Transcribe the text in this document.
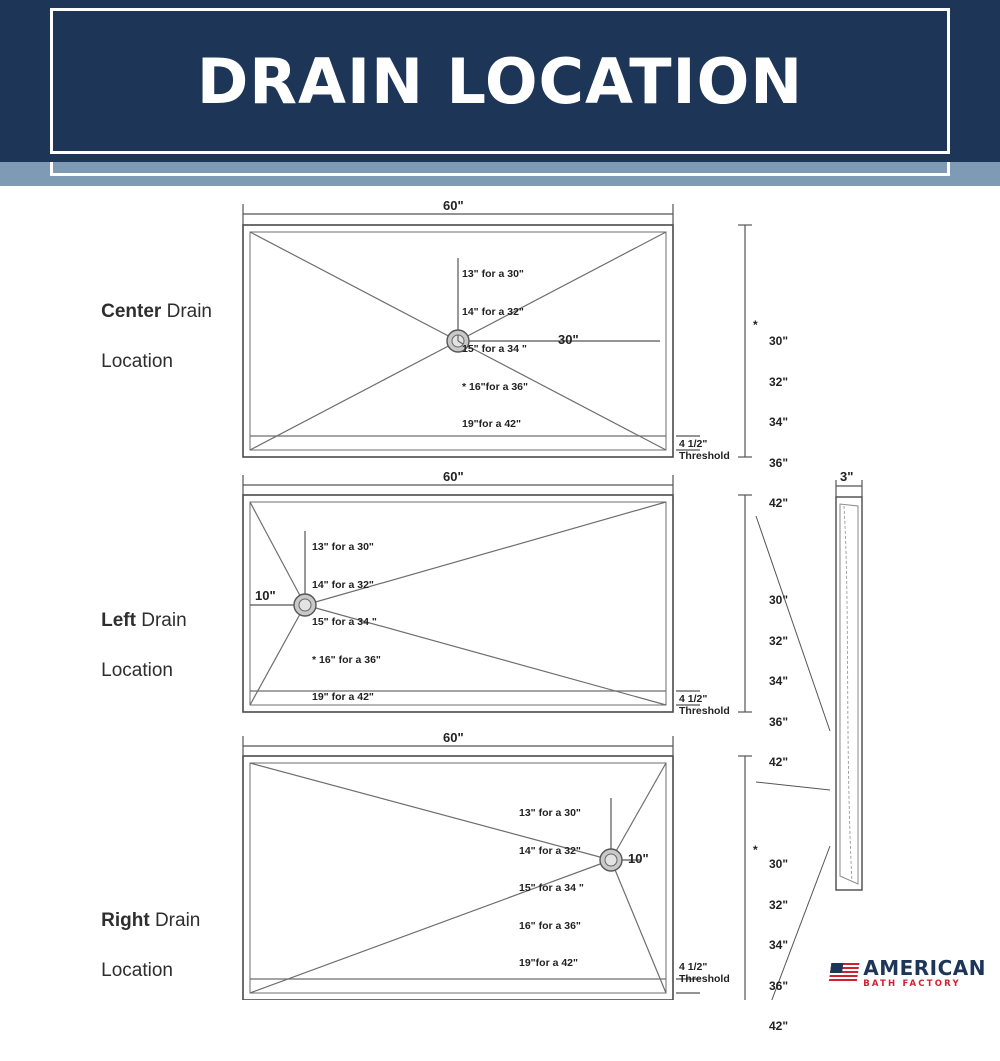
DRAIN LOCATION

Center Drain

Location

60"
30"

13" for a 30"

14" for a 32"

15" for a 34 "

* 16"for a 36"

19"for a 42"

4 1/2"
Threshold

30"

32"

34"

36"

42"

*

Left Drain

Location

60"
10"

13" for a 30"

14" for a 32"

15" for a 34 "

* 16" for a 36"

19" for a 42"

	4 1/2"
Threshold

30"

32"

34"

36"

42"

Right Drain

Location

60"
10"

13" for a 30"

14" for a 32"

15" for a 34 "

16" for a 36"

19"for a 42"

	4 1/2"
Threshold

30"

32"

34"

36"

42"

*
3"
AMERICAN
BATH FACTORY
